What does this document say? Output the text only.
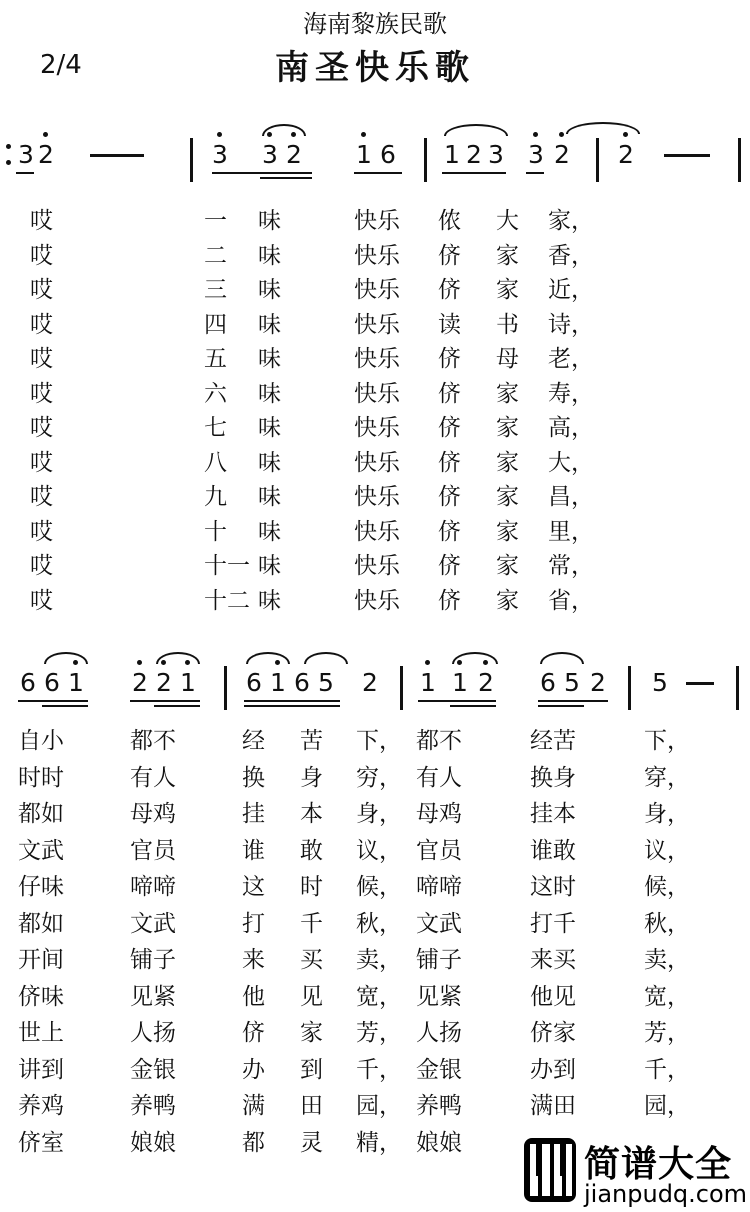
海南黎族民歌
南圣快乐歌
2/4
3 2	3 3 2 1 6 1 2 3 3 2 2
哎	一 味	快乐 侬 大 家，
哎	二 味	快乐 侪 家 香，
哎	三 味	快乐 侪 家 近，
哎	四 味	快乐 读 书 诗，
哎	五 味	快乐 侪 母 老，
哎	六 味	快乐 侪 家 寿，
哎	七 味	快乐 侪 家 高，
哎	八 味	快乐 侪 家 大，
哎	九 味	快乐 侪 家 昌，
哎	十 味	快乐 侪 家 里，
哎	十一 味	快乐 侪 家 常，
哎	十二 味	快乐 侪 家 省，
6 6 1 2 2 1 6 1 6 5 2 1 1 2 6 5 2 5
自小	都不	经 苦 下， 都不	经苦	下，
时时	有人	换 身 穷， 有人	换身	穿，
都如	母鸡	挂 本 身， 母鸡	挂本	身，
文武	官员	谁 敢 议， 官员	谁敢	议，
仔味	啼啼	这 时 候， 啼啼	这时	候，
都如	文武	打 千 秋， 文武	打千	秋，
开间	铺子	来 买 卖， 铺子	来买	卖，
侪味	见紧	他 见 宽， 见紧	他见	宽，
世上	人扬	侪 家 芳， 人扬	侪家	芳，
讲到	金银	办 到 千， 金银	办到	千，
养鸡	养鸭	满 田 园， 养鸭	满田	园，
侪室	娘娘	都 灵 精， 娘娘
简谱大全
jianpudq.com
